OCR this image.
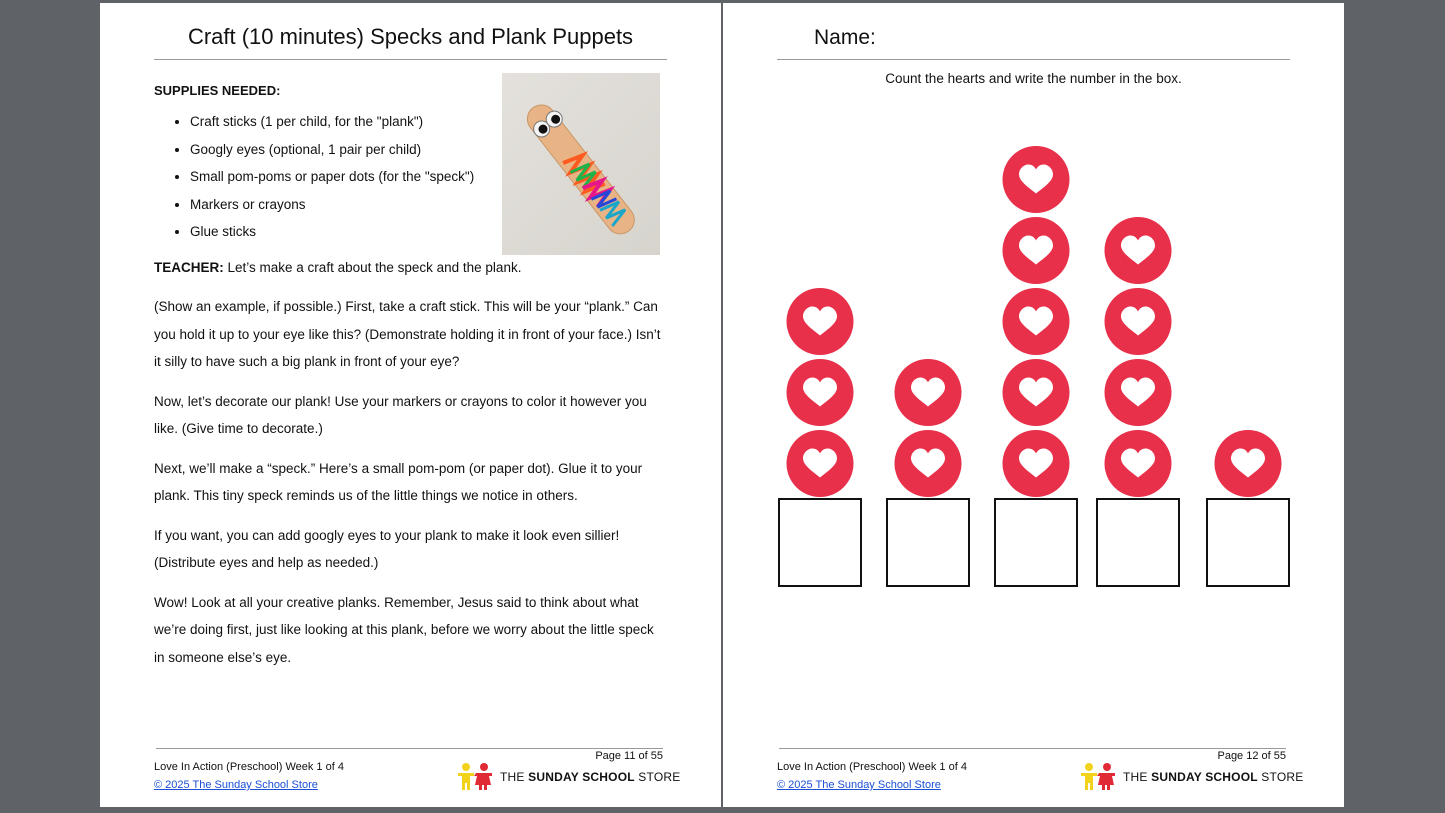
Craft (10 minutes) Specks and Plank Puppets
SUPPLIES NEEDED:
• Craft sticks (1 per child, for the "plank")
• Googly eyes (optional, 1 pair per child)
• Small pom-poms or paper dots (for the "speck")
• Markers or crayons
• Glue sticks

TEACHER: Let’s make a craft about the speck and the plank.

(Show an example, if possible.) First, take a craft stick. This will be your “plank.” Can you hold it up to your eye like this? (Demonstrate holding it in front of your face.) Isn’t it silly to have such a big plank in front of your eye?

Now, let’s decorate our plank! Use your markers or crayons to color it however you like. (Give time to decorate.)

Next, we’ll make a “speck.” Here’s a small pom-pom (or paper dot). Glue it to your plank. This tiny speck reminds us of the little things we notice in others.

If you want, you can add googly eyes to your plank to make it look even sillier! (Distribute eyes and help as needed.)

Wow! Look at all your creative planks. Remember, Jesus said to think about what we’re doing first, just like looking at this plank, before we worry about the little speck in someone else’s eye.

Love In Action (Preschool) Week 1 of 4
© 2025 The Sunday School Store
Page 11 of 55
THE SUNDAY SCHOOL STORE
Name:
Count the hearts and write the number in the box.
Love In Action (Preschool) Week 1 of 4
© 2025 The Sunday School Store
Page 12 of 55
THE SUNDAY SCHOOL STORE
